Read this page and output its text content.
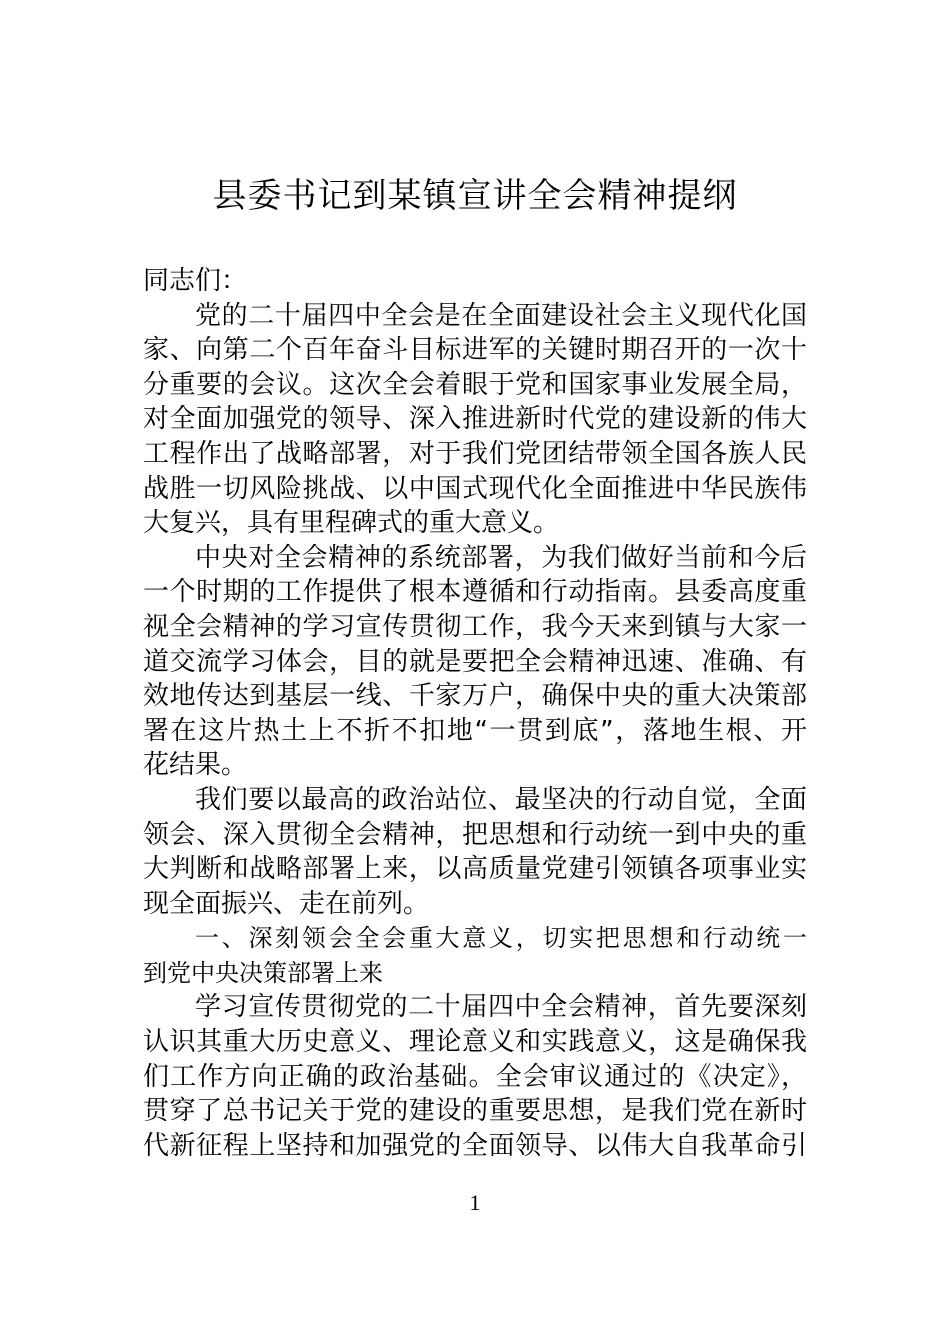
县委书记到某镇宣讲全会精神提纲
同志们：
党的二十届四中全会是在全面建设社会主义现代化国
家、向第二个百年奋斗目标进军的关键时期召开的一次十
分重要的会议。这次全会着眼于党和国家事业发展全局，
对全面加强党的领导、深入推进新时代党的建设新的伟大
工程作出了战略部署，对于我们党团结带领全国各族人民
战胜一切风险挑战、以中国式现代化全面推进中华民族伟
大复兴，具有里程碑式的重大意义。
中央对全会精神的系统部署，为我们做好当前和今后
一个时期的工作提供了根本遵循和行动指南。县委高度重
视全会精神的学习宣传贯彻工作，我今天来到镇与大家一
道交流学习体会，目的就是要把全会精神迅速、准确、有
效地传达到基层一线、千家万户，确保中央的重大决策部
署在这片热土上不折不扣地“一贯到底”，落地生根、开
花结果。
我们要以最高的政治站位、最坚决的行动自觉，全面
领会、深入贯彻全会精神，把思想和行动统一到中央的重
大判断和战略部署上来，以高质量党建引领镇各项事业实
现全面振兴、走在前列。
一、深刻领会全会重大意义，切实把思想和行动统一
到党中央决策部署上来
学习宣传贯彻党的二十届四中全会精神，首先要深刻
认识其重大历史意义、理论意义和实践意义，这是确保我
们工作方向正确的政治基础。全会审议通过的《决定》，
贯穿了总书记关于党的建设的重要思想，是我们党在新时
代新征程上坚持和加强党的全面领导、以伟大自我革命引
1
